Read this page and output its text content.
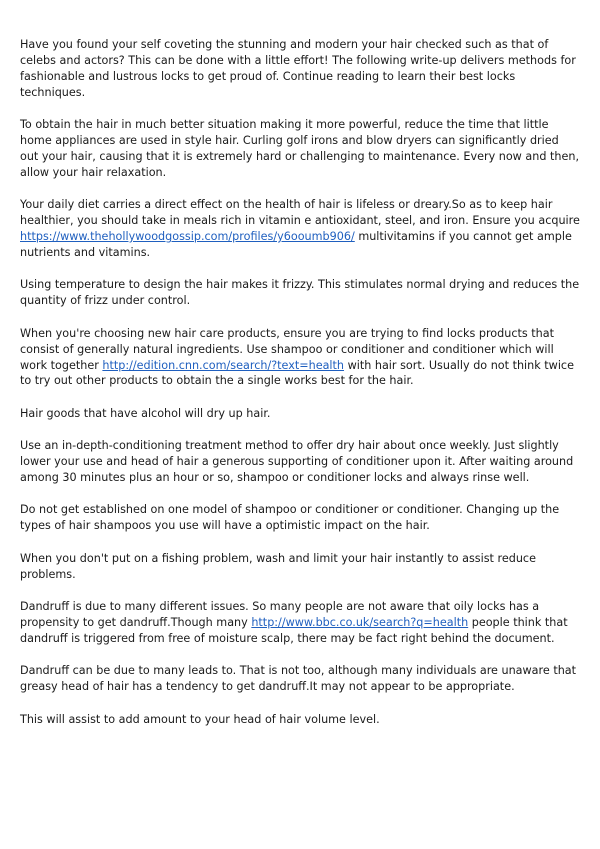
Have you found your self coveting the stunning and modern your hair checked such as that of celebs and actors? This can be done with a little effort! The following write-up delivers methods for fashionable and lustrous locks to get proud of. Continue reading to learn their best locks techniques.

To obtain the hair in much better situation making it more powerful, reduce the time that little home appliances are used in style hair. Curling golf irons and blow dryers can significantly dried out your hair, causing that it is extremely hard or challenging to maintenance. Every now and then, allow your hair relaxation.

Your daily diet carries a direct effect on the health of hair is lifeless or dreary.So as to keep hair healthier, you should take in meals rich in vitamin e antioxidant, steel, and iron. Ensure you acquire https://www.thehollywoodgossip.com/profiles/y6ooumb906/ multivitamins if you cannot get ample nutrients and vitamins.

Using temperature to design the hair makes it frizzy. This stimulates normal drying and reduces the quantity of frizz under control.

When you're choosing new hair care products, ensure you are trying to find locks products that consist of generally natural ingredients. Use shampoo or conditioner and conditioner which will work together http://edition.cnn.com/search/?text=health with hair sort. Usually do not think twice to try out other products to obtain the a single works best for the hair.

Hair goods that have alcohol will dry up hair.

Use an in-depth-conditioning treatment method to offer dry hair about once weekly. Just slightly lower your use and head of hair a generous supporting of conditioner upon it. After waiting around among 30 minutes plus an hour or so, shampoo or conditioner locks and always rinse well.

Do not get established on one model of shampoo or conditioner or conditioner. Changing up the types of hair shampoos you use will have a optimistic impact on the hair.

When you don't put on a fishing problem, wash and limit your hair instantly to assist reduce problems.

Dandruff is due to many different issues. So many people are not aware that oily locks has a propensity to get dandruff.Though many http://www.bbc.co.uk/search?q=health people think that dandruff is triggered from free of moisture scalp, there may be fact right behind the document.

Dandruff can be due to many leads to. That is not too, although many individuals are unaware that greasy head of hair has a tendency to get dandruff.It may not appear to be appropriate.

This will assist to add amount to your head of hair volume level.
